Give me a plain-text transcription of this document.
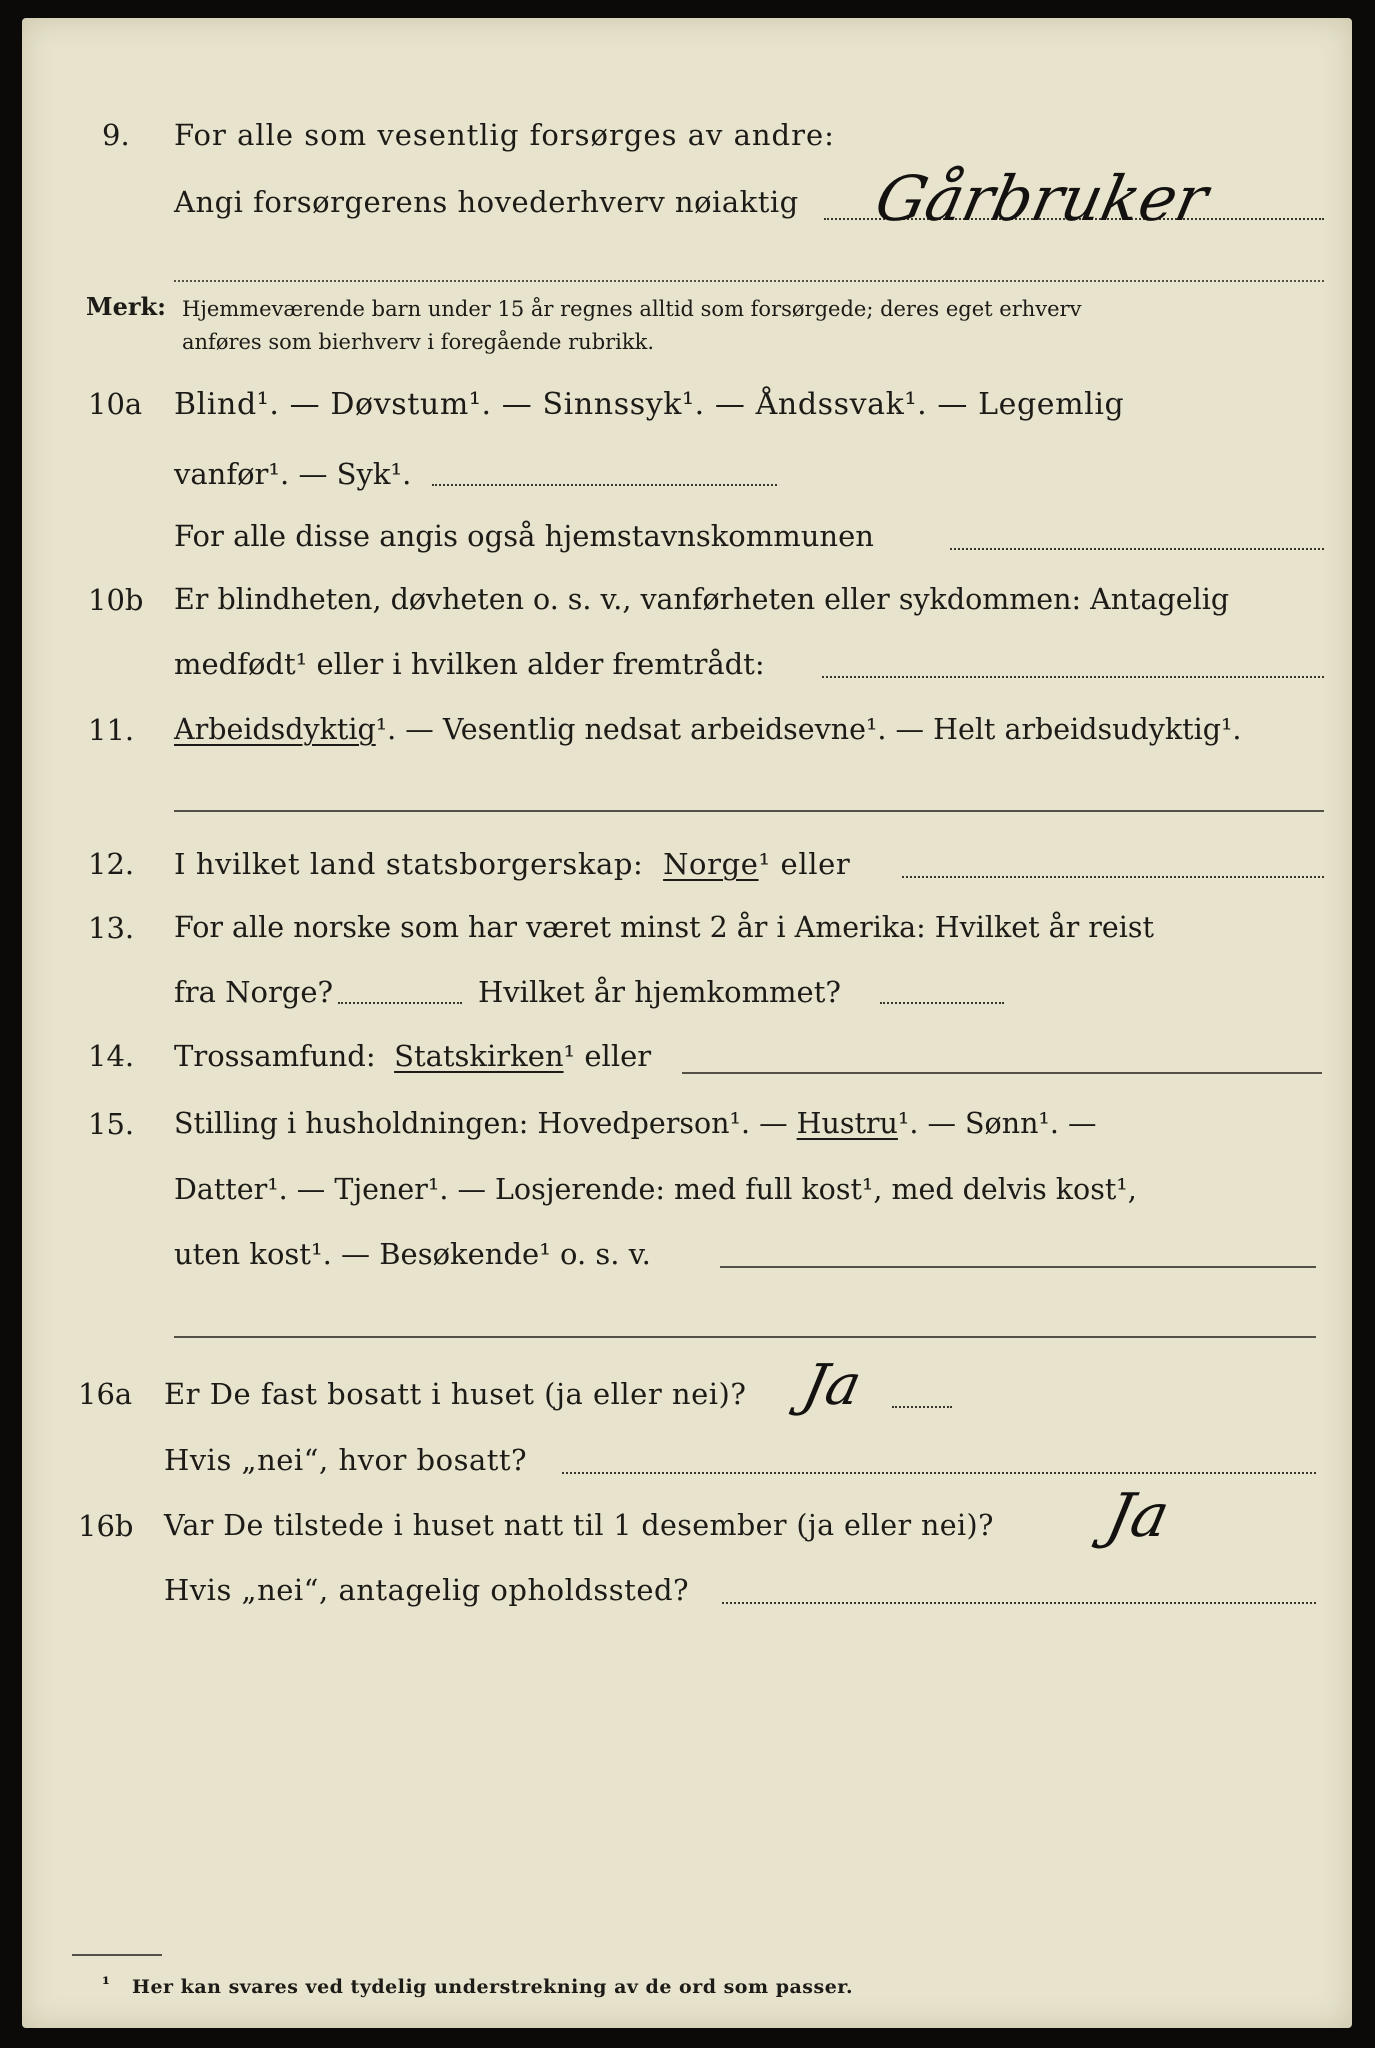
9. For alle som vesentlig forsørges av andre:
Angi forsørgerens hovederhverv nøiaktig Gårbruker
Merk: Hjemmeværende barn under 15 år regnes alltid som forsørgede; deres eget erhverv
anføres som bierhverv i foregående rubrikk.
10a Blind¹. — Døvstum¹. — Sinnssyk¹. — Åndssvak¹. — Legemlig
vanfør¹. — Syk¹.
For alle disse angis også hjemstavnskommunen
10b Er blindheten, døvheten o. s. v., vanførheten eller sykdommen: Antagelig
medfødt¹ eller i hvilken alder fremtrådt:
11. Arbeidsdyktig¹. — Vesentlig nedsat arbeidsevne¹. — Helt arbeidsudyktig¹.
12. I hvilket land statsborgerskap: Norge¹ eller
13. For alle norske som har været minst 2 år i Amerika: Hvilket år reist
fra Norge?	Hvilket år hjemkommet?
14. Trossamfund: Statskirken¹ eller
15. Stilling i husholdningen: Hovedperson¹. — Hustru¹. — Sønn¹. —
Datter¹. — Tjener¹. — Losjerende: med full kost¹, med delvis kost¹,
uten kost¹. — Besøkende¹ o. s. v.
16a Er De fast bosatt i huset (ja eller nei)? Ja
Hvis „nei“, hvor bosatt?
16b Var De tilstede i huset natt til 1 desember (ja eller nei)? Ja
Hvis „nei“, antagelig opholdssted?
¹ Her kan svares ved tydelig understrekning av de ord som passer.
